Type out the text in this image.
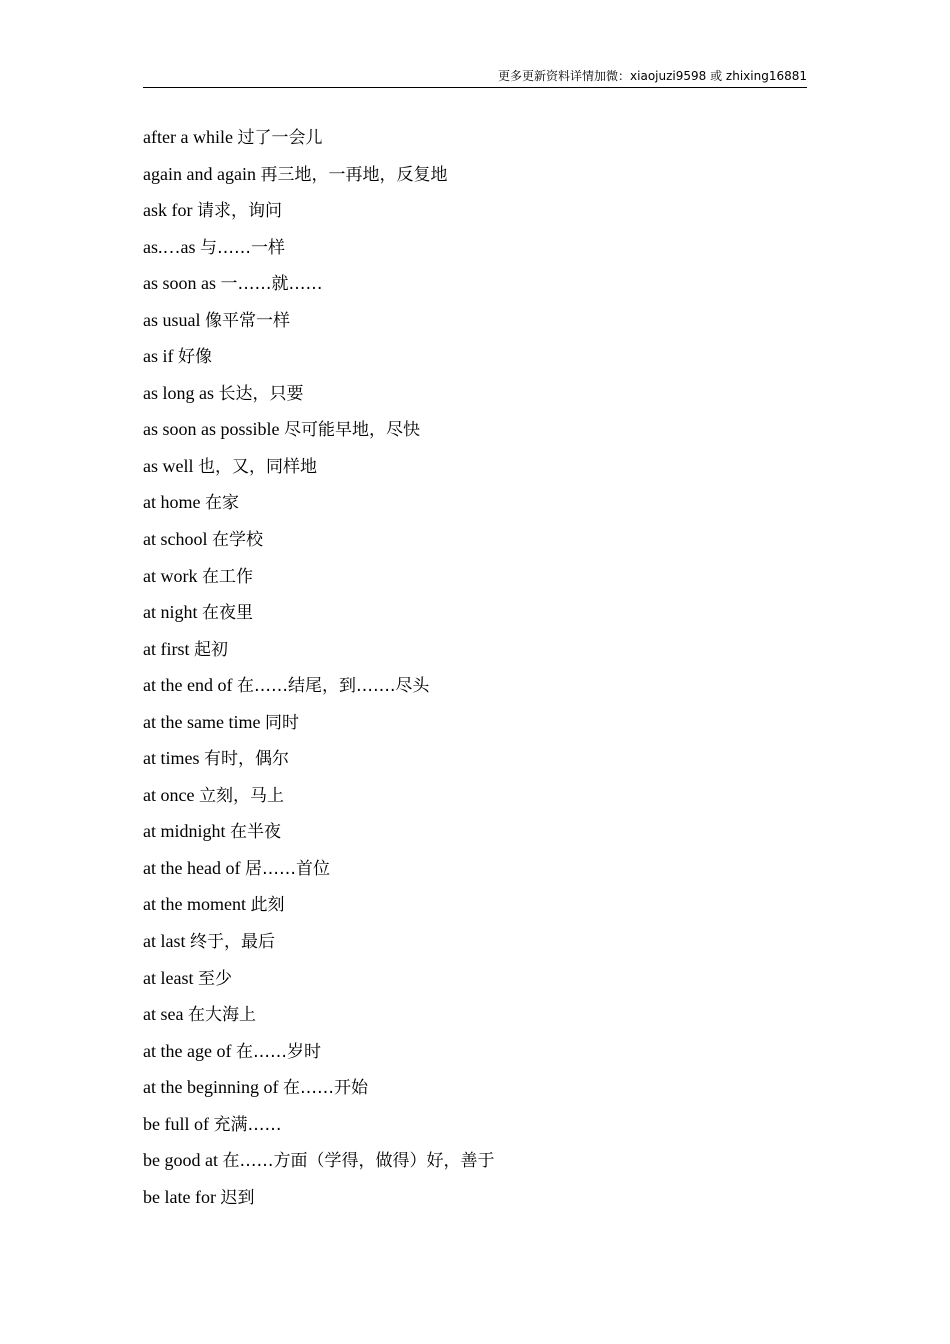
更多更新资料详情加微：xiaojuzi9598 或 zhixing16881
after a while 过了一会儿
again and again 再三地，一再地，反复地
ask for 请求，询问
as.…as 与……一样
as soon as 一……就……
as usual 像平常一样
as if 好像
as long as 长达，只要
as soon as possible 尽可能早地，尽快
as well 也，又，同样地
at home 在家
at school 在学校
at work 在工作
at night 在夜里
at first 起初
at the end of 在……结尾，到…….尽头
at the same time 同时
at times 有时，偶尔
at once 立刻，马上
at midnight 在半夜
at the head of 居……首位
at the moment 此刻
at last 终于，最后
at least 至少
at sea 在大海上
at the age of 在……岁时
at the beginning of 在……开始
be full of 充满……
be good at 在……方面（学得，做得）好，善于
be late for 迟到
